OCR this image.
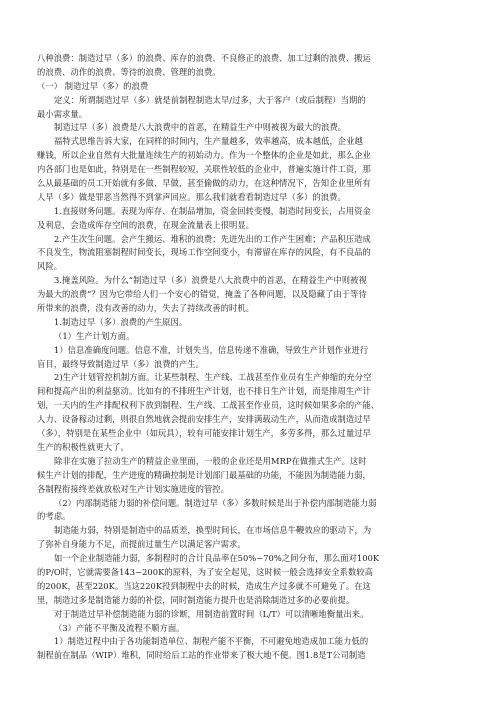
八种浪费：制造过早（多）的浪费、库存的浪费、不良修正的浪费、加工过剩的浪费、搬运
的浪费、动作的浪费、等待的浪费、管理的浪费。
（一） 制造过早（多）的浪费
定义：所谓制造过早（多）就是前制程制造太早/过多，大于客户（或后制程）当期的
最小需求量。
制造过早（多）浪费是八大浪费中的首恶，在精益生产中则被视为最大的浪费。
福特式思维告诉大家，在同样的时间内，生产量越多，效率越高，成本越低，企业越
赚钱，所以企业自然有大批量连续生产的初始动力。作为一个整体的企业是如此，那么企业
内各部门也是如此，特别是在一些制程较短，关联性较低的企业中，普遍实施计件工资，那
么从最基础的员工开始就有多做、早做，甚至偷做的动力，在这种情况下，告知企业里所有
人早（多）做是罪恶当然得不到掌声回应。那么我们就看看制造过早（多）的浪费。
1.直接财务问题。表现为库存、在制品增加，资金回转变慢，制造时间变长，占用资金
及利息，会造成库存空间的浪费，在现金流量表上很明显。
2.产生次生问题。会产生搬运、堆积的浪费；先进先出的工作产生困难；产品积压造成
不良发生，物流阻塞制程时间变长，现场工作空间变小，有滞留在库存的风险，有不良品的
风险。
3.掩盖风险。为什么“制造过早（多）浪费是八大浪费中的首恶，在精益生产中则被视
为最大的浪费”？因为它带给人们一个安心的错觉，掩盖了各种问题，以及隐藏了由于等待
所带来的浪费，没有改善的动力，失去了持续改善的时机。
1.制造过早（多）浪费的产生原因。
（1）生产计划方面。
1）信息准确度问题。信息不准，计划失当，信息传递不准确，导致生产计划作业进行
盲目，最终导致制造过早（多）浪费的产生。
2)生产计划管控机制方面。让某些制程、生产线、工战甚至作业员有生产伸缩的充分空
间和提高产出的利益驱动。比如有的不排班生产计划，也不排日生产计划，而是排周生产计
划，一天内的生产排配权利下放到制程、生产线、工战甚至作业员，这时候如果多余的产能、
人力、设备稼动过剩，则很自然地就会提前安排生产，安排满载动生产，从而造成制造过早
（多），特别是在某些企业中（如玩具），较有可能安排计划生产，多劳多得，那么过量过早
生产的积极性就更大了。
除非在实施了拉动生产的精益企业里面，一般的企业还是用MRP在做推式生产。这时
候生产计划的排配，生产进度的精确控制是计划部门最基础的功能，不能因为制造能力弱，
各制程衔接终差就放松对生产计划实施进度的管控。
（2）内部制造能力弱的补偿问题。制造过早（多）多数时候是出于补偿内部制造能力弱
的考虑。
制造能力弱，特别是制造中的品质差，换型时间长，在市场信息牛鞭效应的驱动下，为
了弥补自身能力不足，而提前过量生产以满足客户需求。
如一个企业制造能力弱，多制程时的合计良品率在50%~70%之间分布，那么面对100K
的P/O时，它就需要备143~200K的原料，为了安全起见，这时候一般会选择安全系数较高
的200K，甚至220K。当这220K投到制程中去的时候，造成生产过多就不可避免了。在这
里，制造过多是制造能力弱的补偿，同时制造能力提升也是消除制造过多的必要前提。
对于制造过早补偿制造能力弱的诊断，用制造前置时间（L/T）可以清晰地衡量出来。
（3）产能不平衡及流程不顺方面。
1）制造过程中由于各功能制造单位、制程产能不平衡，不可避免地造成加工能力低的
制程前在制品（WIP）堆积，同时给后工站的作业带来了极大地不便。图1.8是T公司制造
